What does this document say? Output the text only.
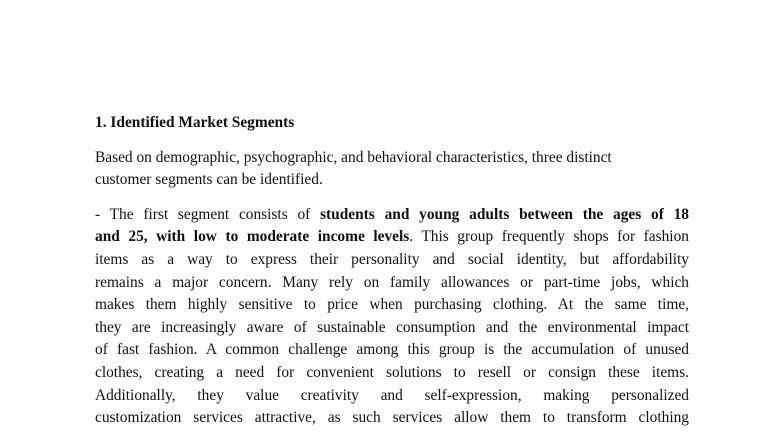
1. Identified Market Segments

Based on demographic, psychographic, and behavioral characteristics, three distinct
customer segments can be identified.

- The first segment consists of students and young adults between the ages of 18
and 25, with low to moderate income levels. This group frequently shops for fashion
items as a way to express their personality and social identity, but affordability
remains a major concern. Many rely on family allowances or part-time jobs, which
makes them highly sensitive to price when purchasing clothing. At the same time,
they are increasingly aware of sustainable consumption and the environmental impact
of fast fashion. A common challenge among this group is the accumulation of unused
clothes, creating a need for convenient solutions to resell or consign these items.
Additionally, they value creativity and self-expression, making personalized
customization services attractive, as such services allow them to transform clothing
